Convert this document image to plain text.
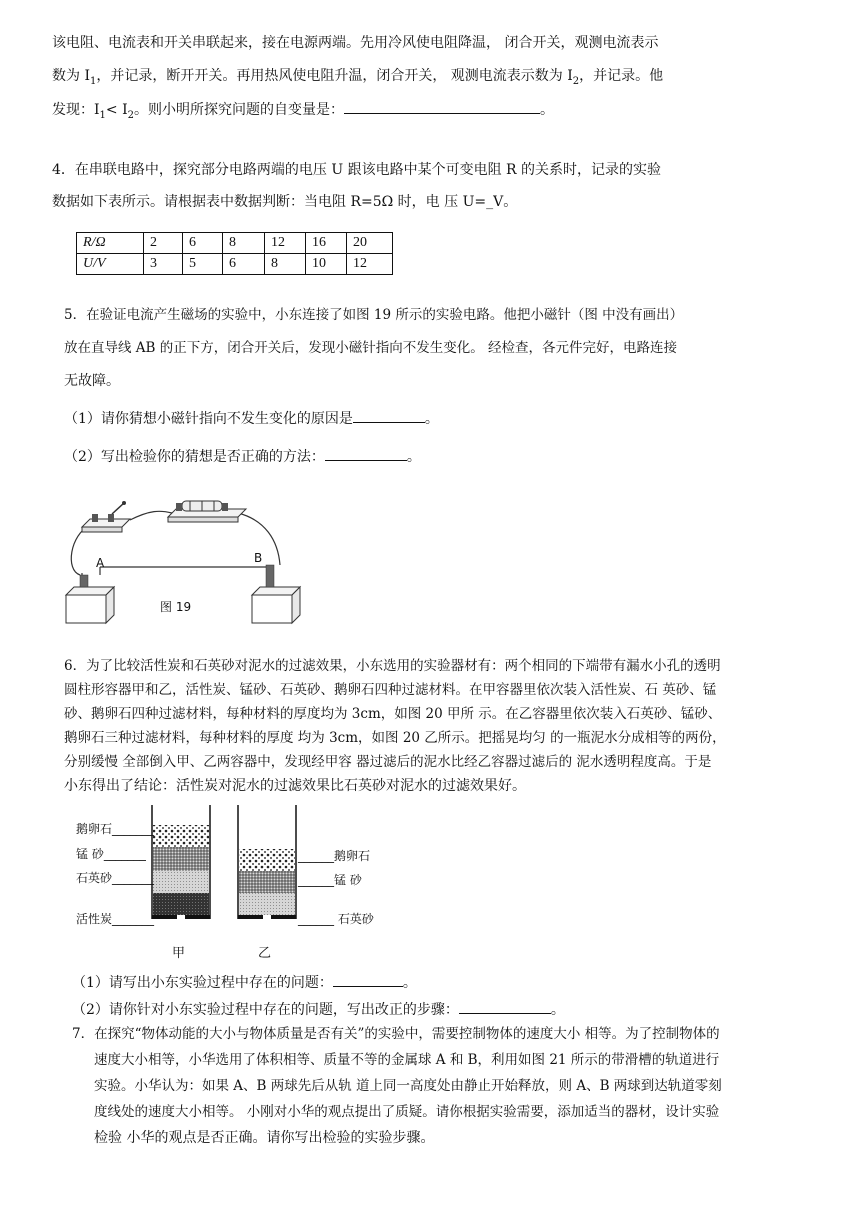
该电阻、电流表和开关串联起来，接在电源两端。先用冷风使电阻降温， 闭合开关，观测电流表示
数为 $I_1$，并记录，断开开关。再用热风使电阻升温，闭合开关， 观测电流表示数为 $I_2$，并记录。他
发现：$I_1< I_2$。则小明所探究问题的自变量是：	。
4．在串联电路中，探究部分电路两端的电压 U 跟该电路中某个可变电阻 R 的关系时，记录的实验
数据如下表所示。请根据表中数据判断：当电阻 R=5Ω 时，电 压 U=_V。
R/Ω	2	6	8	12	16	20
U/V	3	5	6	8	10	12
5．在验证电流产生磁场的实验中，小东连接了如图 19 所示的实验电路。他把小磁针（图 中没有画出）
放在直导线 AB 的正下方，闭合开关后，发现小磁针指向不发生变化。 经检查，各元件完好，电路连接
无故障。
（1）请你猜想小磁针指向不发生变化的原因是	。
（2）写出检验你的猜想是否正确的方法：	。
A	B
图 19
6．为了比较活性炭和石英砂对泥水的过滤效果，小东选用的实验器材有：两个相同的下端带有漏水小孔的透明
圆柱形容器甲和乙，活性炭、锰砂、石英砂、鹅卵石四种过滤材料。在甲容器里依次装入活性炭、石 英砂、锰
砂、鹅卵石四种过滤材料，每种材料的厚度均为 3cm，如图 20 甲所 示。在乙容器里依次装入石英砂、锰砂、
鹅卵石三种过滤材料，每种材料的厚度 均为 3cm，如图 20 乙所示。把摇晃均匀 的一瓶泥水分成相等的两份，
分别缓慢 全部倒入甲、乙两容器中，发现经甲容 器过滤后的泥水比经乙容器过滤后的 泥水透明程度高。于是
小东得出了结论：活性炭对泥水的过滤效果比石英砂对泥水的过滤效果好。
鹅卵石_______
锰 砂_______
石英砂_______
活性炭_______
______鹅卵石
______锰 砂
______ 石英砂
甲	乙
（1）请写出小东实验过程中存在的问题：	。
（2）请你针对小东实验过程中存在的问题，写出改正的步骤：	。
7．在探究“物体动能的大小与物体质量是否有关”的实验中，需要控制物体的速度大小 相等。为了控制物体的
速度大小相等，小华选用了体积相等、质量不等的金属球 A 和 B，利用如图 21 所示的带滑槽的轨道进行
实验。小华认为：如果 A、B 两球先后从轨 道上同一高度处由静止开始释放，则 A、B 两球到达轨道零刻
度线处的速度大小相等。 小刚对小华的观点提出了质疑。请你根据实验需要，添加适当的器材，设计实验
检验 小华的观点是否正确。请你写出检验的实验步骤。
